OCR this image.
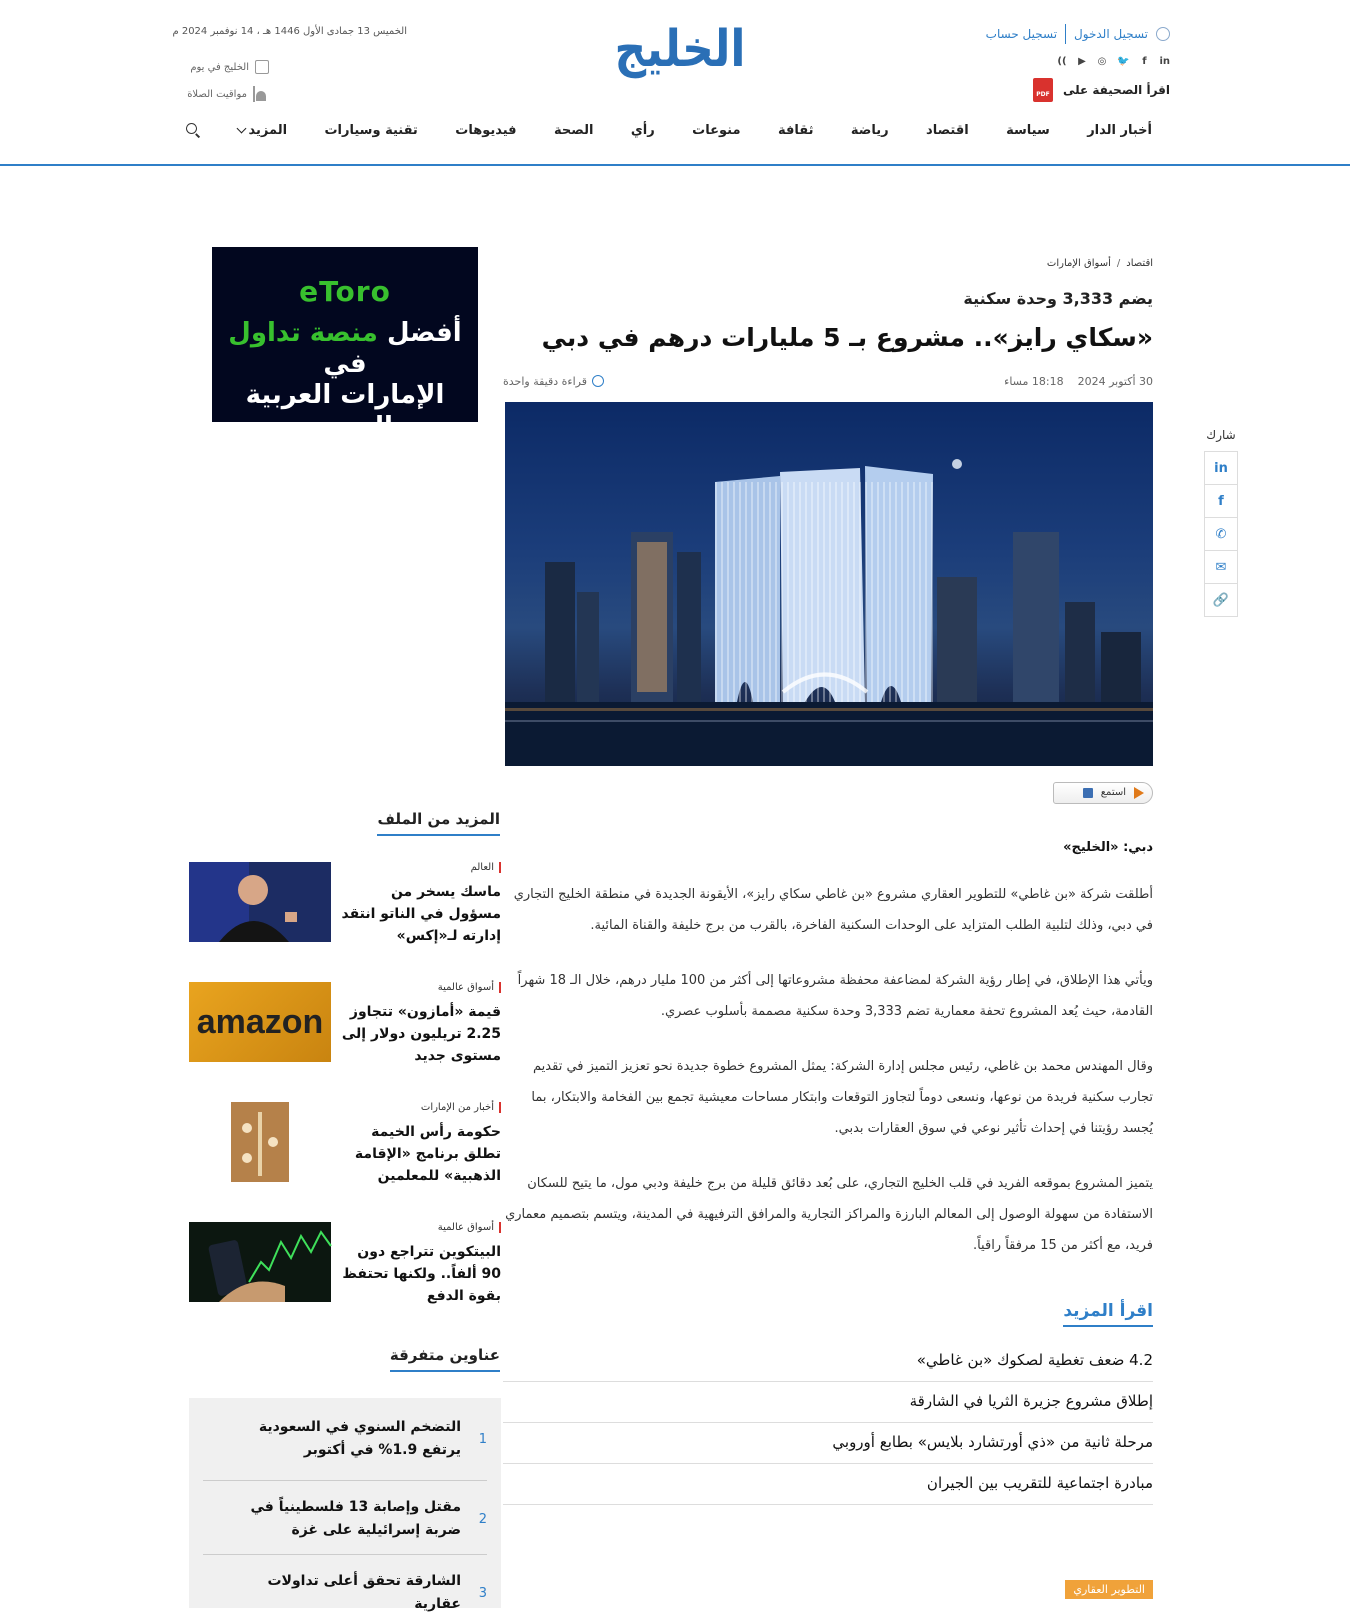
الخميس 13 جمادى الأول 1446 هـ ، 14 نوفمبر 2024 م
الخليج في يوم
مواقيت الصلاة
الخليج	تسجيل الدخول
تسجيل حساب
in
f
🐦
◎
▶
))
اقرأ الصحيفة على
PDF
أخبار الدار
سياسة
اقتصاد
رياضة
ثقافة
منوعات
رأي
الصحة
فيديوهات
تقنية وسيارات
المزيد
شارك
in
f
✆
✉
🔗
اقتصاد
/
أسواق الإمارات
يضم 3,333 وحدة سكنية
«سكاي رايز».. مشروع بـ 5 مليارات درهم في دبي
30 أكتوبر 2024    18:18 مساء
قراءة دقيقة واحدة
استمع
دبي: «الخليج»

أطلقت شركة «بن غاطي» للتطوير العقاري مشروع «بن غاطي سكاي رايز»، الأيقونة الجديدة في منطقة الخليج التجاري في دبي، وذلك لتلبية الطلب المتزايد على الوحدات السكنية الفاخرة، بالقرب من برج خليفة والقناة المائية.

ويأتي هذا الإطلاق، في إطار رؤية الشركة لمضاعفة محفظة مشروعاتها إلى أكثر من 100 مليار درهم، خلال الـ 18 شهراً القادمة، حيث يُعد المشروع تحفة معمارية تضم 3,333 وحدة سكنية مصممة بأسلوب عصري.

وقال المهندس محمد بن غاطي، رئيس مجلس إدارة الشركة: يمثل المشروع خطوة جديدة نحو تعزيز التميز في تقديم تجارب سكنية فريدة من نوعها، ونسعى دوماً لتجاوز التوقعات وابتكار مساحات معيشية تجمع بين الفخامة والابتكار، بما يُجسد رؤيتنا في إحداث تأثير نوعي في سوق العقارات بدبي.

يتميز المشروع بموقعه الفريد في قلب الخليج التجاري، على بُعد دقائق قليلة من برج خليفة ودبي مول، ما يتيح للسكان الاستفادة من سهولة الوصول إلى المعالم البارزة والمراكز التجارية والمرافق الترفيهية في المدينة، ويتسم بتصميم معماري فريد، مع أكثر من 15 مرفقاً راقياً.

اقرأ المزيد
4.2 ضعف تغطية لصكوك «بن غاطي»
إطلاق مشروع جزيرة الثريا في الشارقة
مرحلة ثانية من «ذي أورتشارد بلايس» بطابع أوروبي
مبادرة اجتماعية للتقريب بين الجيران
التطوير العقاري
eToro
أفضل منصة تداول في
الإمارات العربية المتحدة
المزيد من الملف
العالم
ماسك يسخر من مسؤول في الناتو انتقد إدارته لـ«إكس»
amazon
أسواق عالمية
قيمة «أمازون» تتجاوز 2.25 تريليون دولار إلى مستوى جديد
أخبار من الإمارات
حكومة رأس الخيمة تطلق برنامج «الإقامة الذهبية» للمعلمين
أسواق عالمية
البيتكوين تتراجع دون 90 ألفاً.. ولكنها تحتفظ بقوة الدفع
عناوين متفرقة
1
التضخم السنوي في السعودية يرتفع 1.9% في أكتوبر
2
مقتل وإصابة 13 فلسطينياً في ضربة إسرائيلية على غزة
3
الشارقة تحقق أعلى تداولات عقارية
